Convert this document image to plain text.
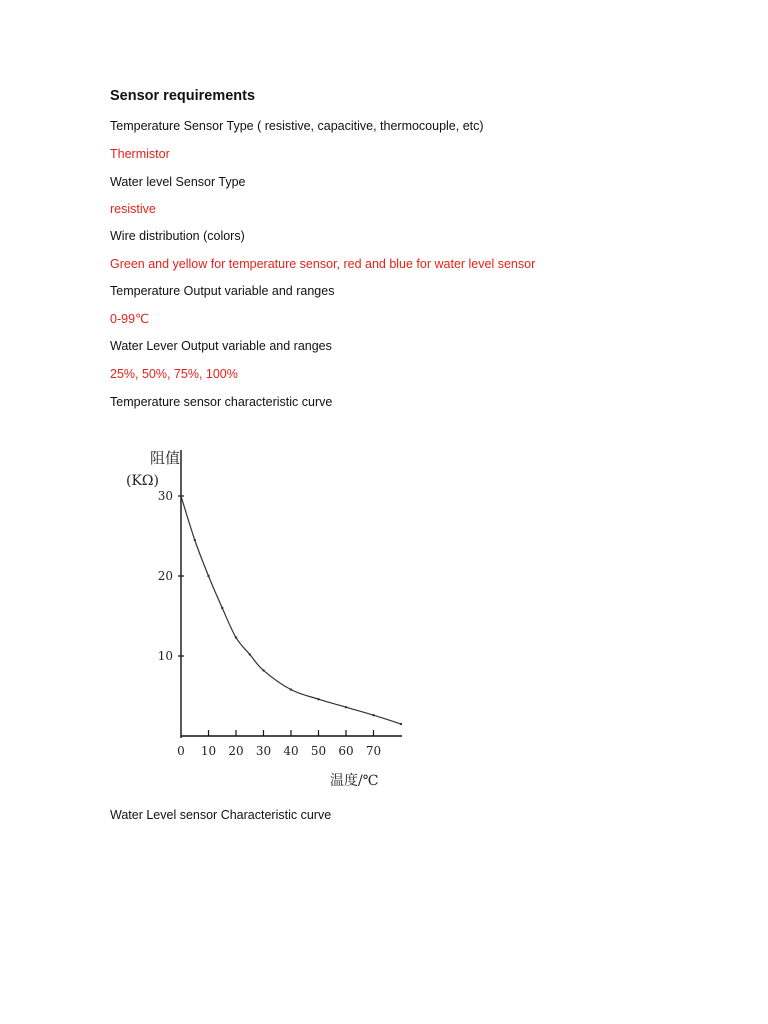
Sensor requirements
Temperature Sensor Type ( resistive, capacitive, thermocouple, etc)
Thermistor
Water level Sensor Type
resistive
Wire distribution (colors)
Green and yellow for temperature sensor, red and blue for water level sensor
Temperature Output variable and ranges
0-99℃
Water Lever Output variable and ranges
25%, 50%, 75%, 100%
Temperature sensor characteristic curve
阻值
(KΩ)
0 10 20 30 40 50 60 70
10
20
30
温度/℃
Water Level sensor Characteristic curve
